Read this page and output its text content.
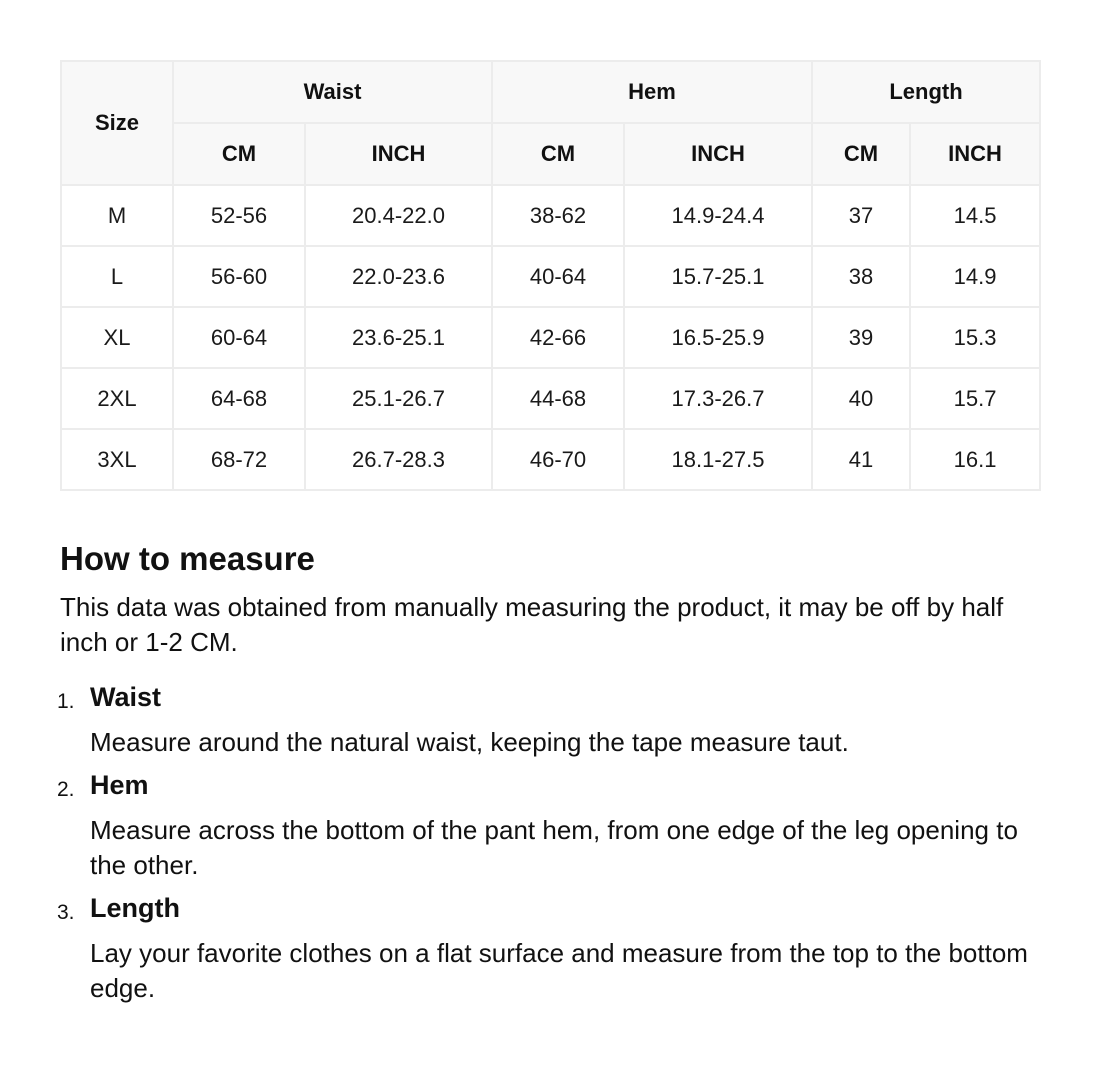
Size	Waist		Hem		Length	
	CM	INCH	CM	INCH	CM	INCH
M	52-56	20.4-22.0	38-62	14.9-24.4	37	14.5
L	56-60	22.0-23.6	40-64	15.7-25.1	38	14.9
XL	60-64	23.6-25.1	42-66	16.5-25.9	39	15.3
2XL	64-68	25.1-26.7	44-68	17.3-26.7	40	15.7
3XL	68-72	26.7-28.3	46-70	18.1-27.5	41	16.1
How to measure

This data was obtained from manually measuring the product, it may be off by half inch or 1-2 CM.

1. Waist
Measure around the natural waist, keeping the tape measure taut.
2. Hem
Measure across the bottom of the pant hem, from one edge of the leg opening to the other.
3. Length
Lay your favorite clothes on a flat surface and measure from the top to the bottom edge.
